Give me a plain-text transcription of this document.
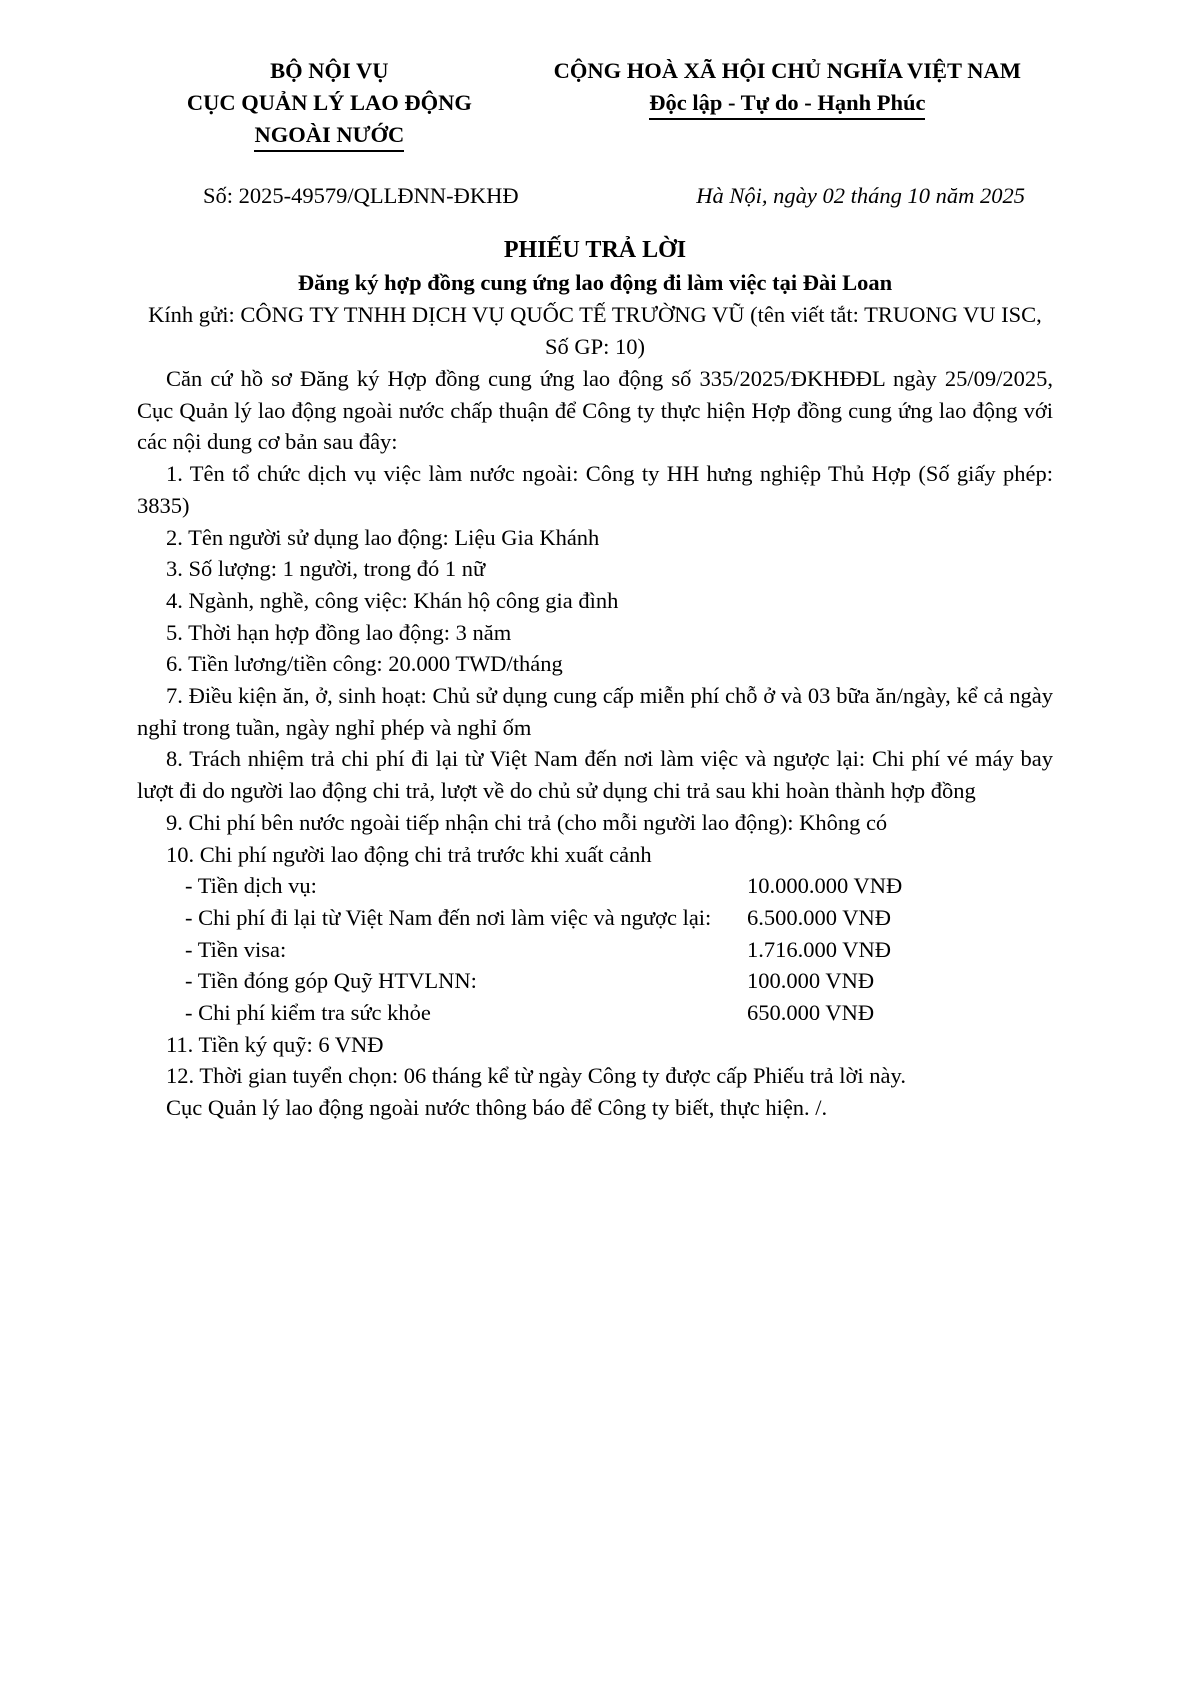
BỘ NỘI VỤ
CỤC QUẢN LÝ LAO ĐỘNG
NGOÀI NƯỚC
CỘNG HOÀ XÃ HỘI CHỦ NGHĨA VIỆT NAM
Độc lập - Tự do - Hạnh Phúc
Số: 2025-49579/QLLĐNN-ĐKHĐ	Hà Nội, ngày 02 tháng 10 năm 2025
PHIẾU TRẢ LỜI
Đăng ký hợp đồng cung ứng lao động đi làm việc tại Đài Loan
Kính gửi: CÔNG TY TNHH DỊCH VỤ QUỐC TẾ TRƯỜNG VŨ (tên viết tắt: TRUONG VU ISC, Số GP: 10)

Căn cứ hồ sơ Đăng ký Hợp đồng cung ứng lao động số 335/2025/ĐKHĐĐL ngày 25/09/2025, Cục Quản lý lao động ngoài nước chấp thuận để Công ty thực hiện Hợp đồng cung ứng lao động với các nội dung cơ bản sau đây:

1. Tên tổ chức dịch vụ việc làm nước ngoài: Công ty HH hưng nghiệp Thủ Hợp (Số giấy phép: 3835)

2. Tên người sử dụng lao động: Liệu Gia Khánh

3. Số lượng: 1 người, trong đó 1 nữ

4. Ngành, nghề, công việc: Khán hộ công gia đình

5. Thời hạn hợp đồng lao động: 3 năm

6. Tiền lương/tiền công: 20.000 TWD/tháng

7. Điều kiện ăn, ở, sinh hoạt: Chủ sử dụng cung cấp miễn phí chỗ ở và 03 bữa ăn/ngày, kể cả ngày nghỉ trong tuần, ngày nghỉ phép và nghỉ ốm

8. Trách nhiệm trả chi phí đi lại từ Việt Nam đến nơi làm việc và ngược lại: Chi phí vé máy bay lượt đi do người lao động chi trả, lượt về do chủ sử dụng chi trả sau khi hoàn thành hợp đồng

9. Chi phí bên nước ngoài tiếp nhận chi trả (cho mỗi người lao động): Không có

10. Chi phí người lao động chi trả trước khi xuất cảnh

- Tiền dịch vụ:	10.000.000 VNĐ
- Chi phí đi lại từ Việt Nam đến nơi làm việc và ngược lại:	6.500.000 VNĐ
- Tiền visa:	1.716.000 VNĐ
- Tiền đóng góp Quỹ HTVLNN:	100.000 VNĐ
- Chi phí kiểm tra sức khỏe	650.000 VNĐ

11. Tiền ký quỹ: 6 VNĐ

12. Thời gian tuyển chọn: 06 tháng kể từ ngày Công ty được cấp Phiếu trả lời này.

Cục Quản lý lao động ngoài nước thông báo để Công ty biết, thực hiện. /.
